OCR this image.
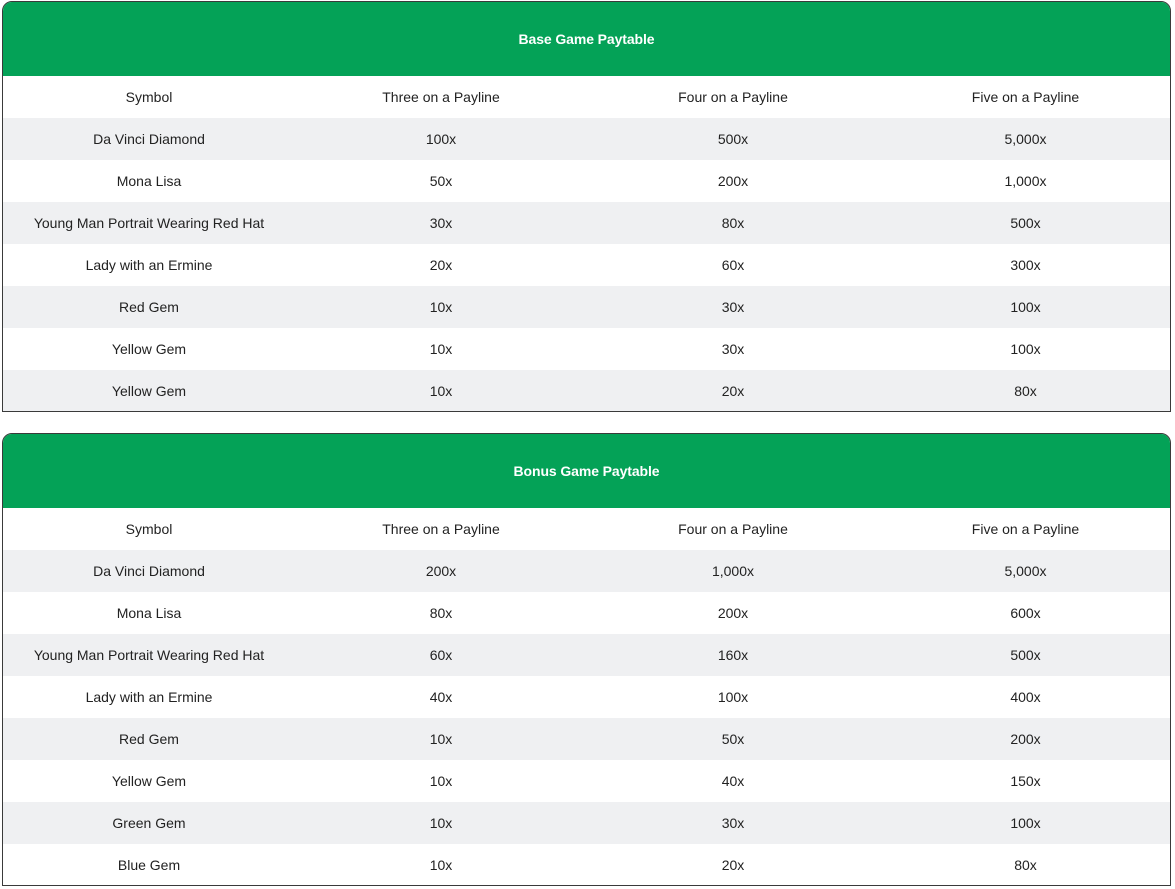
Base Game Paytable
Symbol	Three on a Payline	Four on a Payline	Five on a Payline
Da Vinci Diamond	100x	500x	5,000x
Mona Lisa	50x	200x	1,000x
Young Man Portrait Wearing Red Hat	30x	80x	500x
Lady with an Ermine	20x	60x	300x
Red Gem	10x	30x	100x
Yellow Gem	10x	30x	100x
Yellow Gem	10x	20x	80x
Bonus Game Paytable
Symbol	Three on a Payline	Four on a Payline	Five on a Payline
Da Vinci Diamond	200x	1,000x	5,000x
Mona Lisa	80x	200x	600x
Young Man Portrait Wearing Red Hat	60x	160x	500x
Lady with an Ermine	40x	100x	400x
Red Gem	10x	50x	200x
Yellow Gem	10x	40x	150x
Green Gem	10x	30x	100x
Blue Gem	10x	20x	80x
